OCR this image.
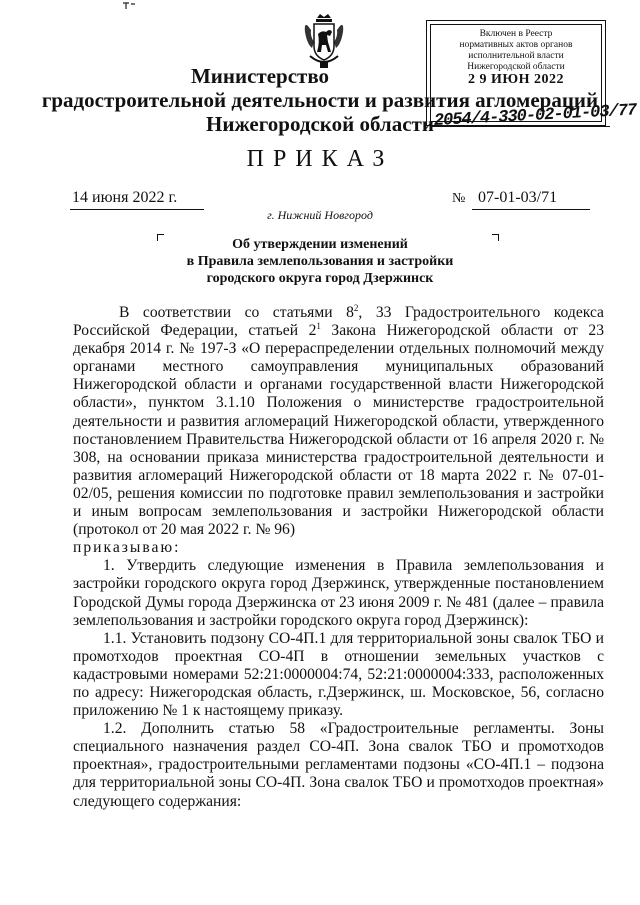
Включен в Реестр
нормативных актов органов
исполнительной власти
Нижегородской области
2 9 ИЮН 2022
Министерство
градостроительной деятельности и развития агломераций
Нижегородской области 2054/4-330-02-01-03/77
ПРИКАЗ
14 июня 2022 г.	№ 07-01-03/71
г. Нижний Новгород
Об утверждении изменений
в Правила землепользования и застройки
городского округа город Дзержинск

В соответствии со статьями $8^2$, 33 Градостроительного кодекса Российской Федерации, статьей $2^1$ Закона Нижегородской области от 23 декабря 2014 г. № 197-З «О перераспределении отдельных полномочий между органами местного самоуправления муниципальных образований Нижегородской области и органами государственной власти Нижегородской области», пунктом 3.1.10 Положения о министерстве градостроительной деятельности и развития агломераций Нижегородской области, утвержденного постановлением Правительства Нижегородской области от 16 апреля 2020 г. № 308, на основании приказа министерства градостроительной деятельности и развития агломераций Нижегородской области от 18 марта 2022 г. № 07-01-02/05, решения комиссии по подготовке правил землепользования и застройки и иным вопросам землепользования и застройки Нижегородской области (протокол от 20 мая 2022 г. № 96)

приказываю:

1. Утвердить следующие изменения в Правила землепользования и застройки городского округа город Дзержинск, утвержденные постановлением Городской Думы города Дзержинска от 23 июня 2009 г. № 481 (далее – правила землепользования и застройки городского округа город Дзержинск):

1.1. Установить подзону СО-4П.1 для территориальной зоны свалок ТБО и промотходов проектная СО-4П в отношении земельных участков с кадастровыми номерами 52:21:0000004:74, 52:21:0000004:333, расположенных по адресу: Нижегородская область, г.Дзержинск, ш. Московское, 56, согласно приложению № 1 к настоящему приказу.

1.2. Дополнить статью 58 «Градостроительные регламенты. Зоны специального назначения раздел СО-4П. Зона свалок ТБО и промотходов проектная», градостроительными регламентами подзоны «СО-4П.1 – подзона для территориальной зоны СО-4П. Зона свалок ТБО и промотходов проектная» следующего содержания:
